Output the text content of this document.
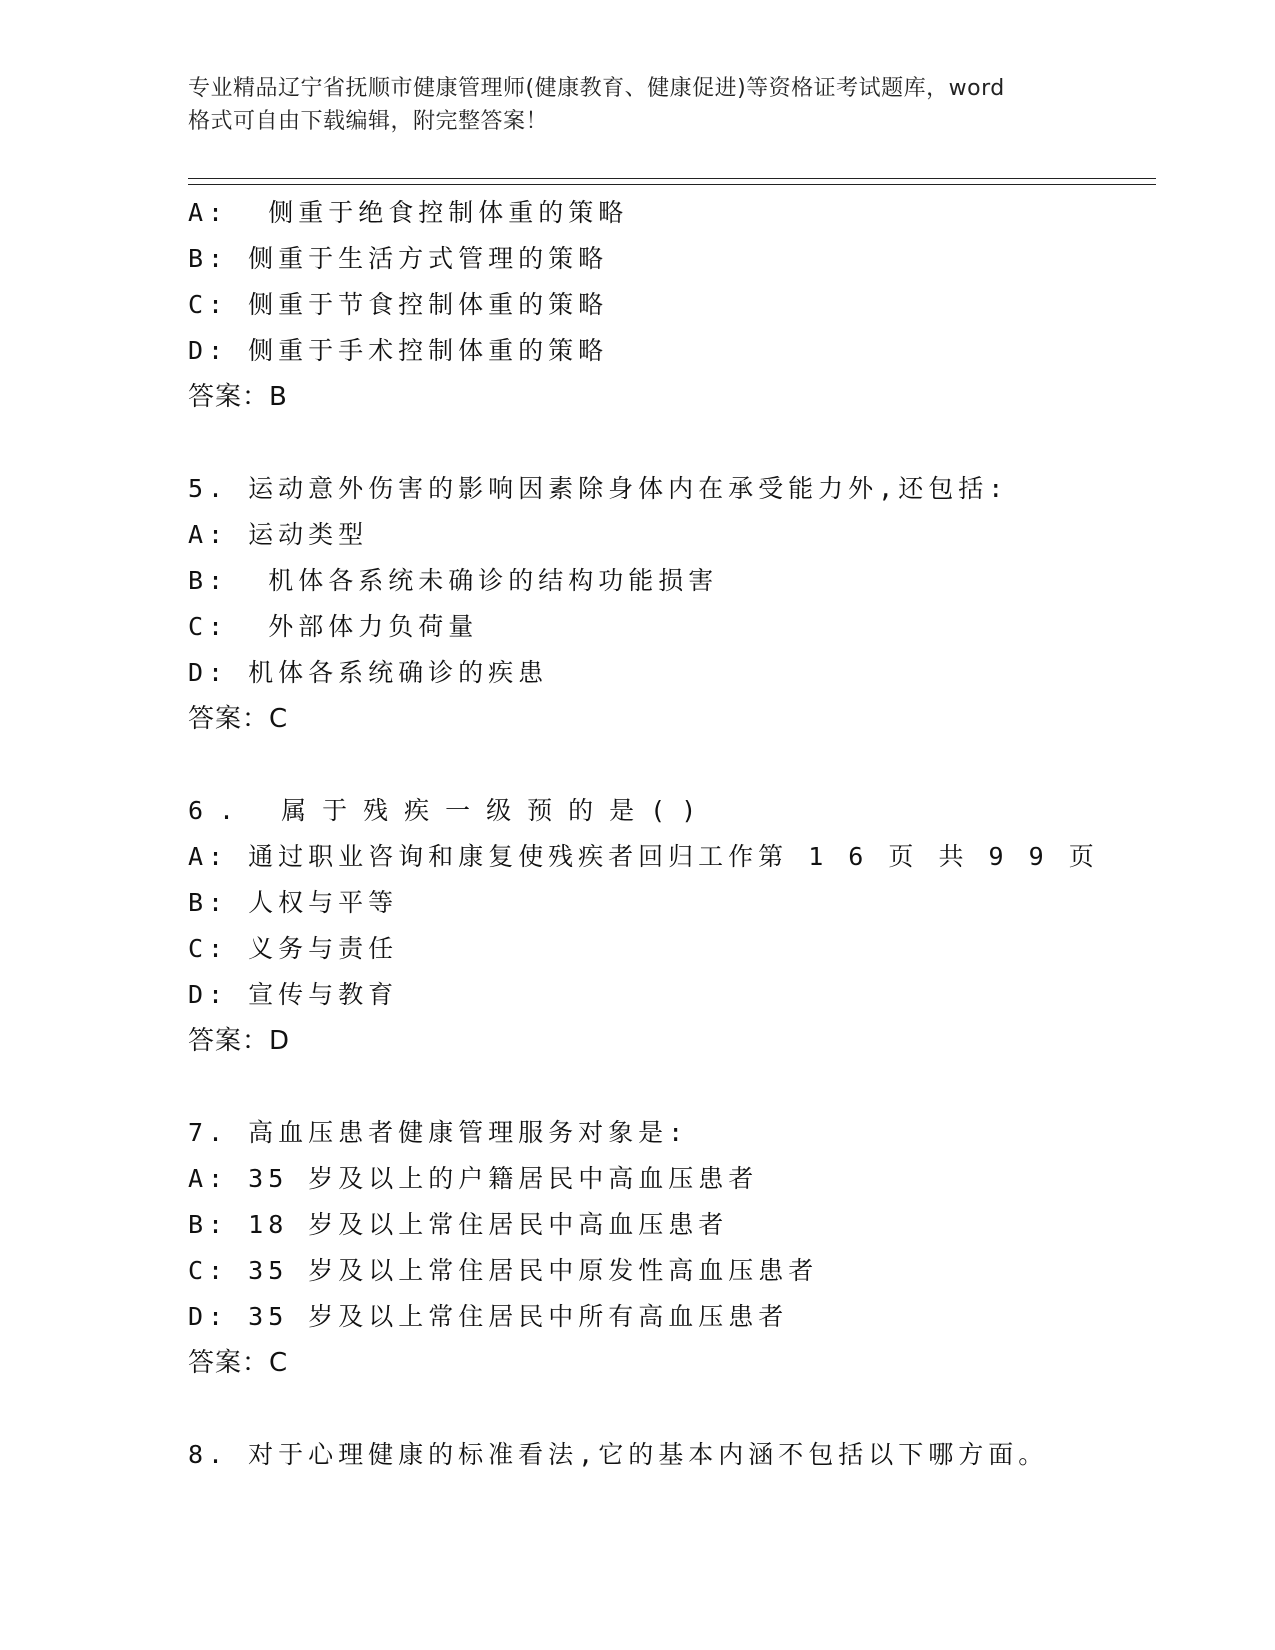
专业精品辽宁省抚顺市健康管理师(健康教育、健康促进)等资格证考试题库，word
格式可自由下载编辑，附完整答案！
A:  侧重于绝食控制体重的策略
B: 侧重于生活方式管理的策略
C: 侧重于节食控制体重的策略
D: 侧重于手术控制体重的策略
答案：B
5. 运动意外伤害的影响因素除身体内在承受能力外,还包括:
A: 运动类型
B:  机体各系统未确诊的结构功能损害
C:  外部体力负荷量
D: 机体各系统确诊的疾患
答案：C
6. 属于残疾一级预的是()
A: 通过职业咨询和康复使残疾者回归工作第 1 6 页 共 9 9 页
B: 人权与平等
C: 义务与责任
D: 宣传与教育
答案：D
7. 高血压患者健康管理服务对象是:
A: 35 岁及以上的户籍居民中高血压患者
B: 18 岁及以上常住居民中高血压患者
C: 35 岁及以上常住居民中原发性高血压患者
D: 35 岁及以上常住居民中所有高血压患者
答案：C
8. 对于心理健康的标准看法,它的基本内涵不包括以下哪方面。
